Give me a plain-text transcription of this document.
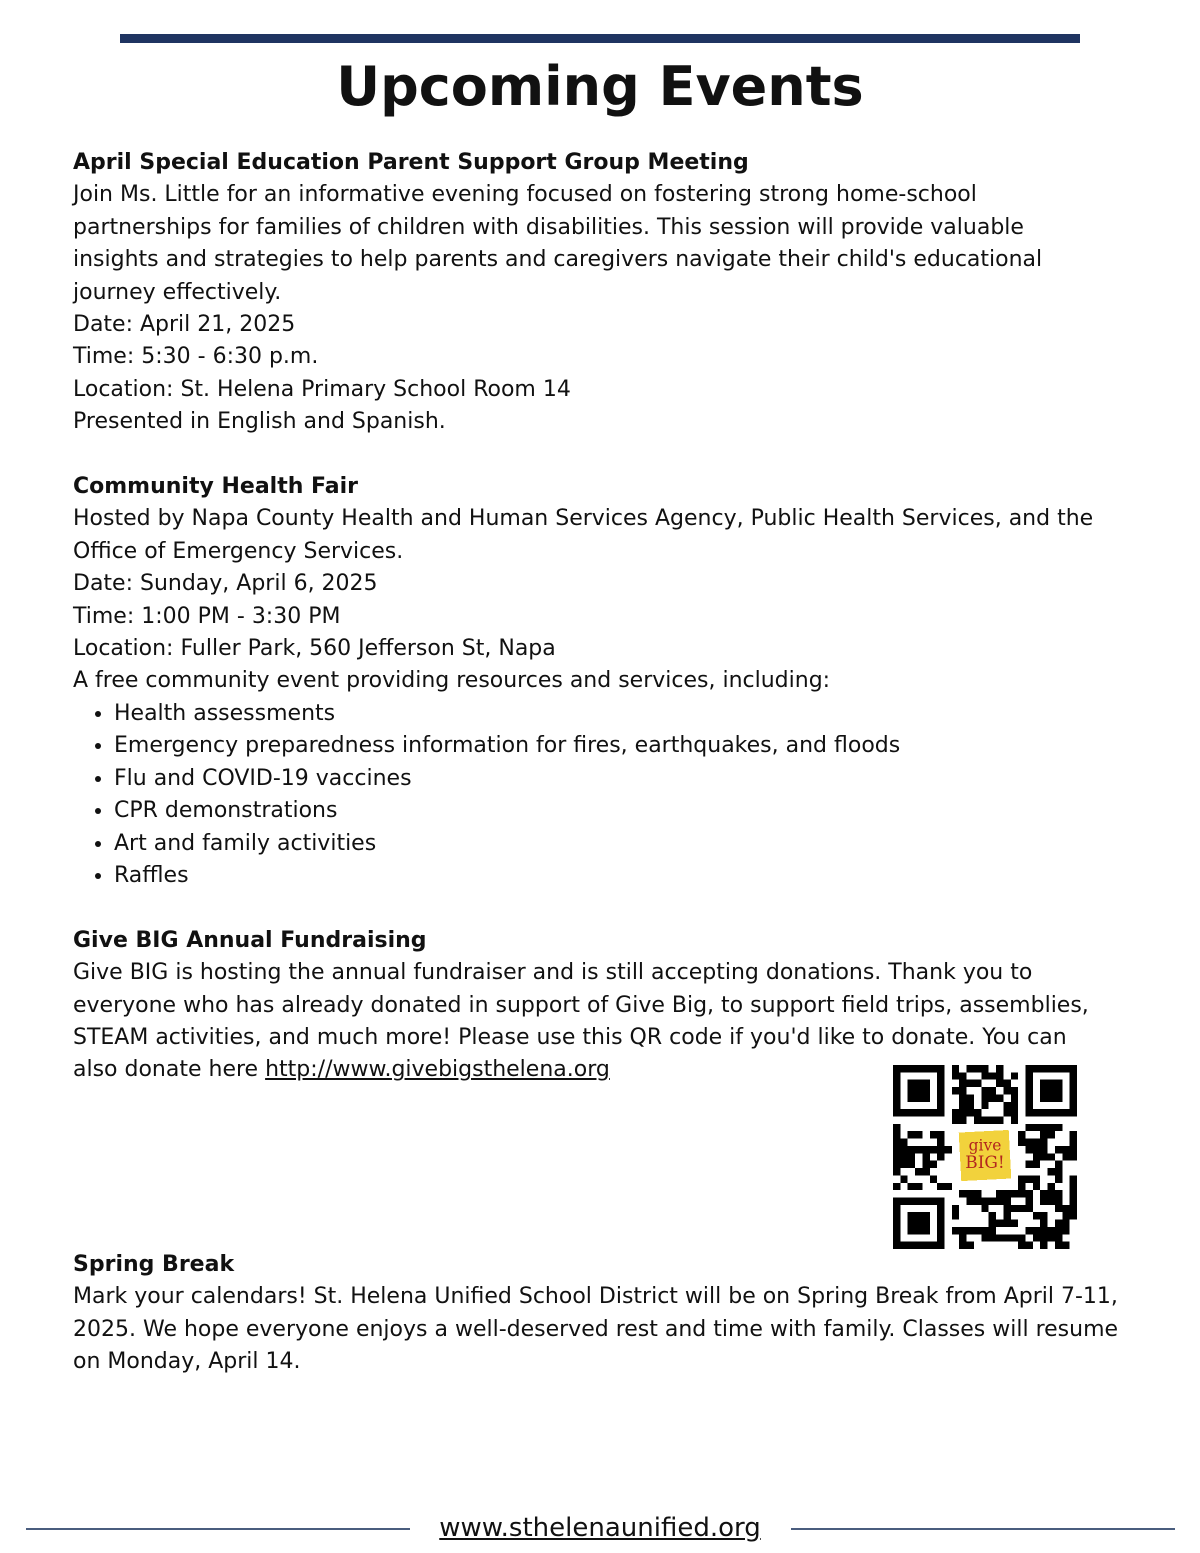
Upcoming Events
April Special Education Parent Support Group Meeting
Join Ms. Little for an informative evening focused on fostering strong home-school
partnerships for families of children with disabilities. This session will provide valuable
insights and strategies to help parents and caregivers navigate their child's educational
journey effectively.
Date: April 21, 2025
Time: 5:30 - 6:30 p.m.
Location: St. Helena Primary School Room 14
Presented in English and Spanish.
Community Health Fair
Hosted by Napa County Health and Human Services Agency, Public Health Services, and the
Office of Emergency Services.
Date: Sunday, April 6, 2025
Time: 1:00 PM - 3:30 PM
Location: Fuller Park, 560 Jefferson St, Napa
A free community event providing resources and services, including:
• Health assessments
• Emergency preparedness information for fires, earthquakes, and floods
• Flu and COVID-19 vaccines
• CPR demonstrations
• Art and family activities
• Raffles
Give BIG Annual Fundraising
Give BIG is hosting the annual fundraiser and is still accepting donations. Thank you to
everyone who has already donated in support of Give Big, to support field trips, assemblies,
STEAM activities, and much more! Please use this QR code if you'd like to donate. You can
also donate here http://www.givebigsthelena.org
Spring Break
Mark your calendars! St. Helena Unified School District will be on Spring Break from April 7-11,
2025. We hope everyone enjoys a well-deserved rest and time with family. Classes will resume
on Monday, April 14.
give
BIG!
www.sthelenaunified.org
